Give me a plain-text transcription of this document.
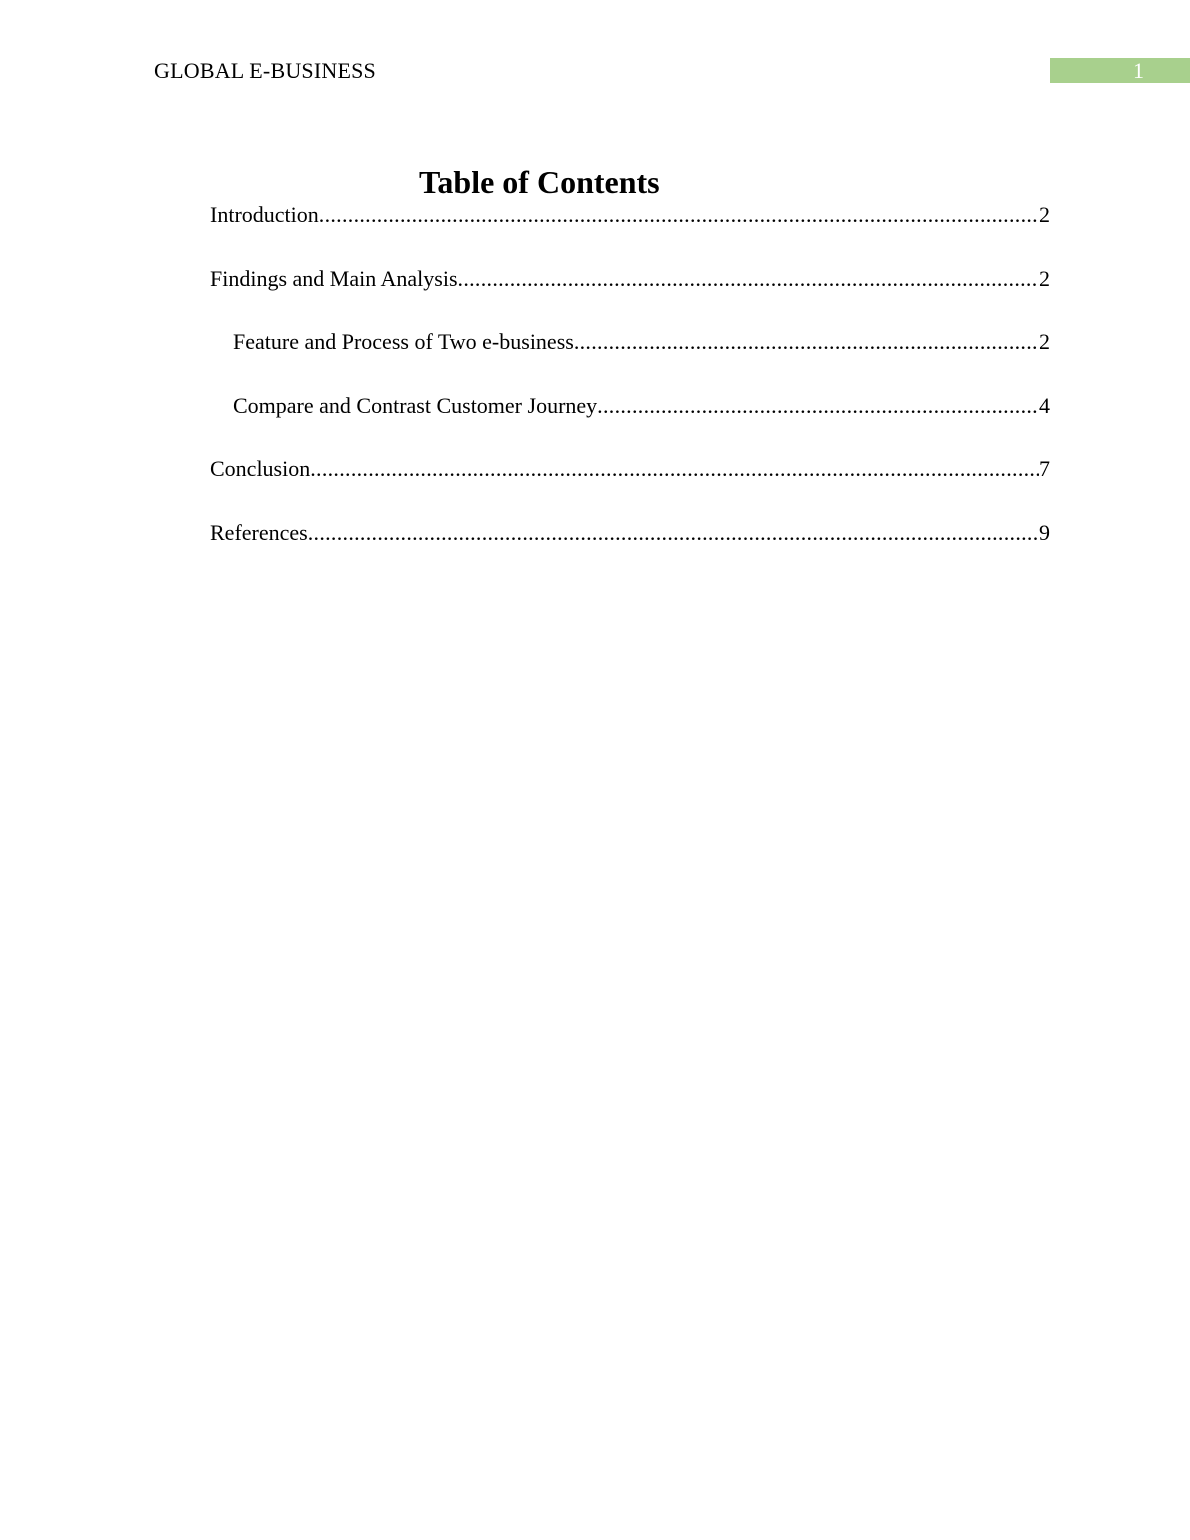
GLOBAL E-BUSINESS	1
Table of Contents
Introduction .....	2
Findings and Main Analysis .....	2
Feature and Process of Two e-business .....	2
Compare and Contrast Customer Journey .....	4
Conclusion .....	7
References .....	9
